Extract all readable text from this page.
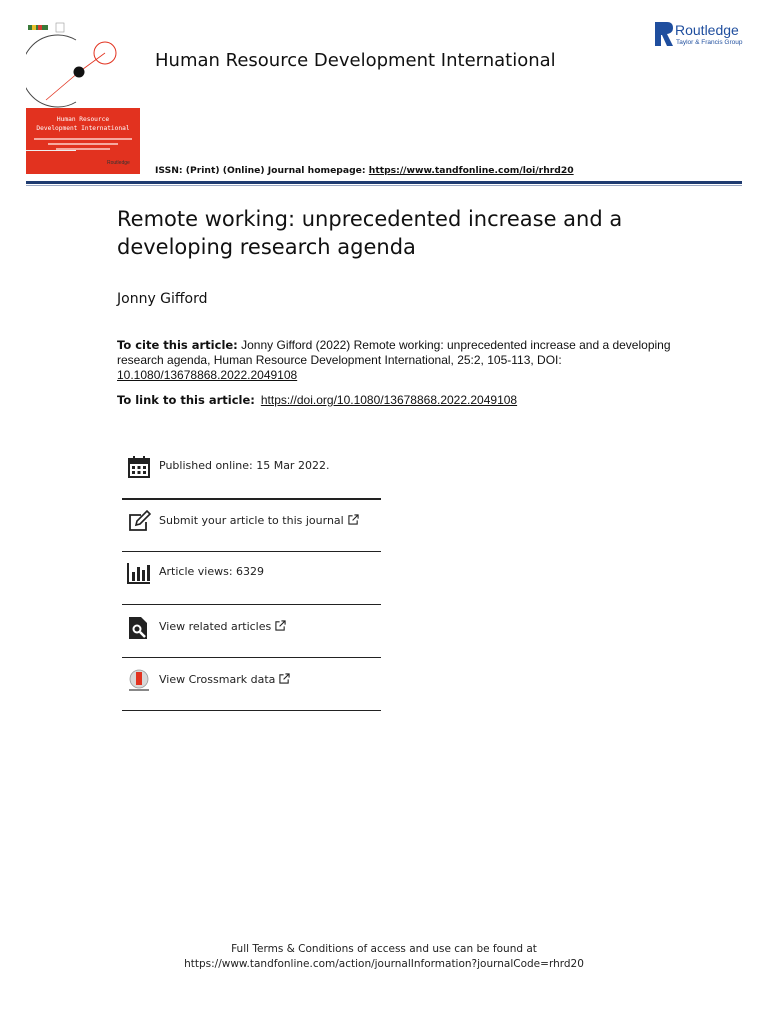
Human Resource
Development International
Routledge
Human Resource Development International
Routledge
Taylor & Francis Group
ISSN: (Print) (Online) Journal homepage: https://www.tandfonline.com/loi/rhrd20
Remote working: unprecedented increase and a developing research agenda
Jonny Gifford
To cite this article: Jonny Gifford (2022) Remote working: unprecedented increase and a developing research agenda, Human Resource Development International, 25:2, 105-113, DOI: 10.1080/13678868.2022.2049108
To link to this article: https://doi.org/10.1080/13678868.2022.2049108
Published online: 15 Mar 2022.
Submit your article to this journal
Article views: 6329
View related articles
View Crossmark data
Full Terms & Conditions of access and use can be found at
https://www.tandfonline.com/action/journalInformation?journalCode=rhrd20
